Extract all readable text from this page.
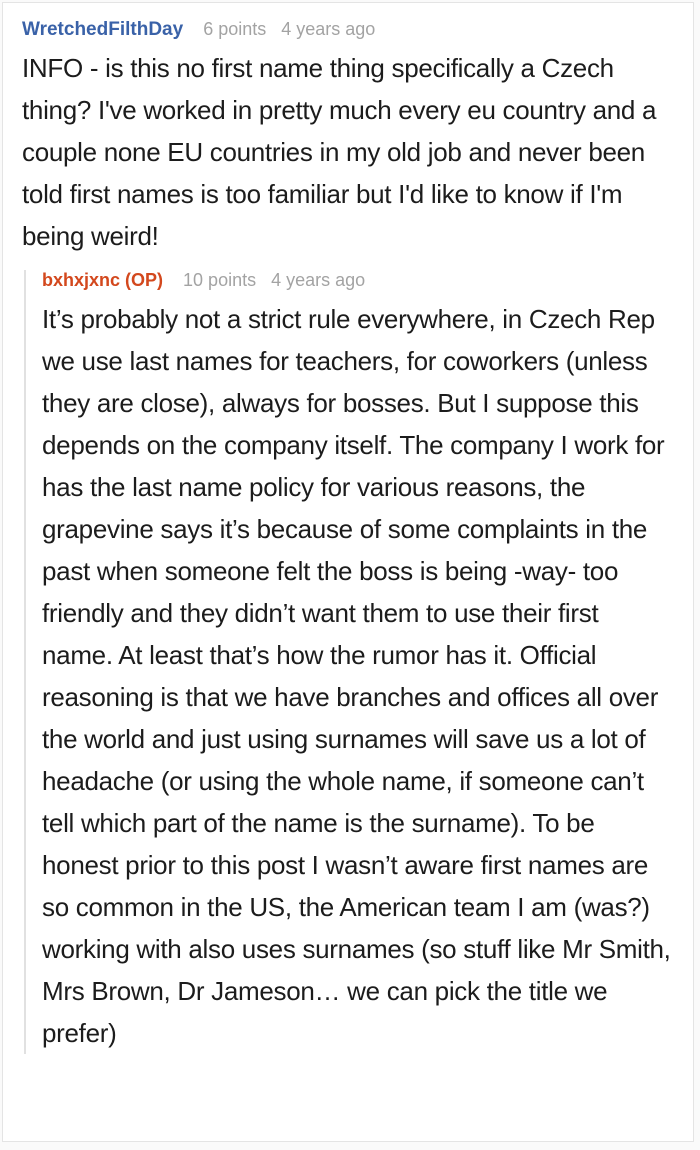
WretchedFilthDay 6 points 4 years ago
INFO - is this no first name thing specifically a Czech thing? I've worked in pretty much every eu country and a couple none EU countries in my old job and never been told first names is too familiar but I'd like to know if I'm being weird!
bxhxjxnc (OP) 10 points 4 years ago
It’s probably not a strict rule everywhere, in Czech Rep we use last names for teachers, for coworkers (unless they are close), always for bosses. But I suppose this depends on the company itself. The company I work for has the last name policy for various reasons, the grapevine says it’s because of some complaints in the past when someone felt the boss is being -way- too friendly and they didn’t want them to use their first name. At least that’s how the rumor has it. Official reasoning is that we have branches and offices all over the world and just using surnames will save us a lot of headache (or using the whole name, if someone can’t tell which part of the name is the surname). To be honest prior to this post I wasn’t aware first names are so common in the US, the American team I am (was?) working with also uses surnames (so stuff like Mr Smith, Mrs Brown, Dr Jameson… we can pick the title we prefer)
